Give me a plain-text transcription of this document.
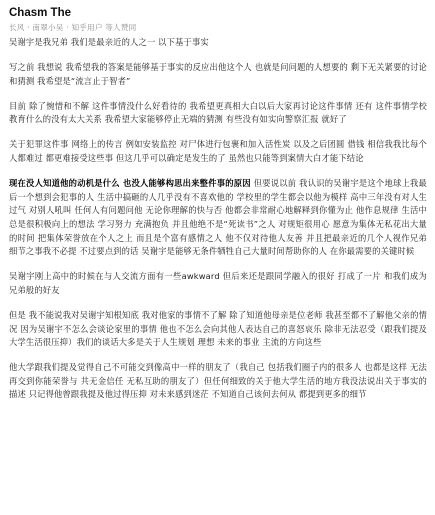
Chasm The
长风 · 南翠小吴 · 知乎用户 等人赞同

吴谢宇是我兄弟 我们是最亲近的人之一 以下基于事实

写之前 我想说 我希望我的答案是能够基于事实的反应出他这个人 也就是问问题的人想要的 剩下无关紧要的讨论和猜测 我希望是“流言止于智者”

目前 除了惋惜和不解 这件事情没什么好看待的 我希望更真相大白以后大家再讨论这件事情 还有 这件事情学校教育什么的没有太大关系 我希望大家能够停止无端的猜测 有些没有如实向警察汇报 就好了

关于犯罪这件事 网络上的传言 例如安装监控 对尸体进行包裹和加入活性炭 以及之后团圆 借钱 相信我我比每个人都难过 都更难接受这些事 但这几乎可以确定是发生的了 虽然也只能等到案情大白才能下结论

现在没人知道他的动机是什么 也没人能够构思出来整件事的原因 但要说以前 我认识的吴谢宇是这个地球上我最后一个想到会犯事的人 生活中搞砸的人几乎没有不喜欢他的 学校里的学生都会以他为模样 高中三年没有对人生过气 对别人吼叫 任何人有问题问他 无论你理解的快与否 他都会非常耐心地解释到你懂为止 他作息规律 生活中总是很积极向上的想法 学习努力 充满抱负 并且他绝不是“死读书”之人 对规矩很用心 愿意为集体无私花出大量的时间 把集体荣誉放在个人之上 而且是个富有感情之人 他不仅对待他人友善 并且把最亲近的几个人视作兄弟 细节之事我不必提 不过要点到的话 吴谢宇是能够无条件牺牲自己大量时间帮助你的人 在你最需要的关键时候

吴谢宇刚上高中的时候在与人交流方面有一些awkward 但后来还是跟同学融入的很好 打成了一片 和我们成为兄弟般的好友

但是 我不能说我对吴谢宇知根知底 我对他家的事情不了解 除了知道他母亲是位老师 我甚至都不了解他父亲的情况 因为吴谢宇不怎么会谈论家里的事情 他也不怎么会向其他人表达自己的喜怒哀乐 除非无法忍受（跟我们提及大学生活很压抑）我们的谈话大多是关于人生规划 理想 未来的事业 主流的方向这些

他大学跟我们提及觉得自己不可能交到像高中一样的朋友了（我自己 包括我们圈子内的很多人 也都是这样 无法再交到你能荣誉与 共无金信任 无私互助的朋友了）但任何细致的关于他大学生活的地方我没法说出关于事实的描述 只记得他曾跟我提及他过得压抑 对未来感到迷茫 不知道自己该何去何从 都提到更多的细节
